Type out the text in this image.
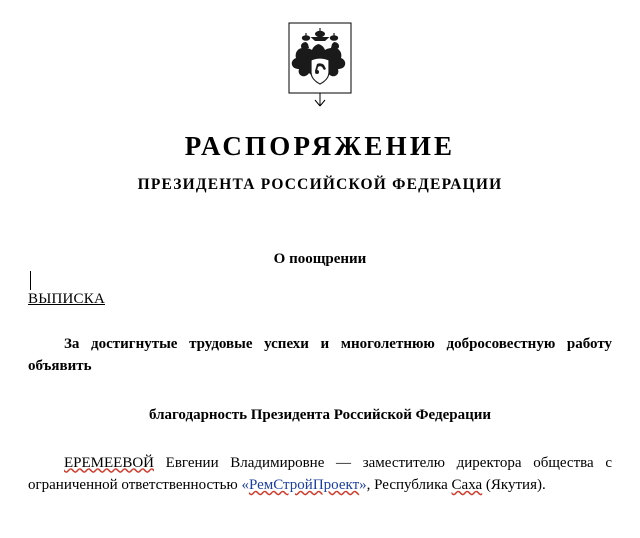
РАСПОРЯЖЕНИЕ
ПРЕЗИДЕНТА РОССИЙСКОЙ ФЕДЕРАЦИИ
О поощрении
ВЫПИСКА
За достигнутые трудовые успехи и многолетнюю добросовестную работу объявить
благодарность Президента Российской Федерации
ЕРЕМЕЕВОЙ Евгении Владимировне — заместителю директора общества с ограниченной ответственностью «РемСтройПроект», Республика Саха (Якутия).
